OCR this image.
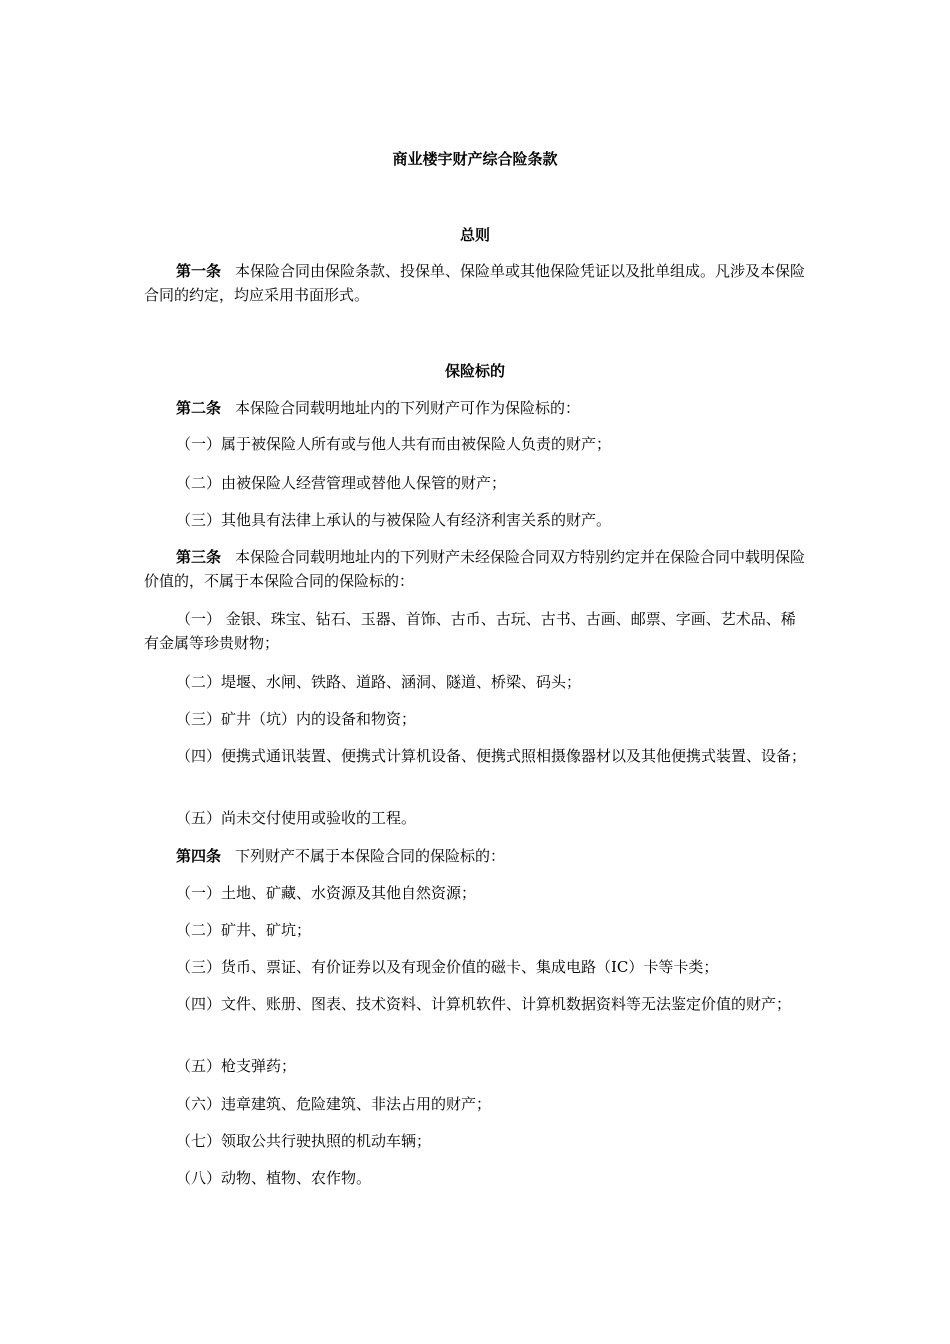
商业楼宇财产综合险条款
总则
第一条 本保险合同由保险条款、投保单、保险单或其他保险凭证以及批单组成。凡涉及本保险合同的约定，均应采用书面形式。
保险标的
第二条 本保险合同载明地址内的下列财产可作为保险标的：
（一）属于被保险人所有或与他人共有而由被保险人负责的财产；
（二）由被保险人经营管理或替他人保管的财产；
（三）其他具有法律上承认的与被保险人有经济利害关系的财产。
第三条 本保险合同载明地址内的下列财产未经保险合同双方特别约定并在保险合同中载明保险价值的，不属于本保险合同的保险标的：
（一） 金银、珠宝、钻石、玉器、首饰、古币、古玩、古书、古画、邮票、字画、艺术品、稀有金属等珍贵财物；
（二）堤堰、水闸、铁路、道路、涵洞、隧道、桥梁、码头；
（三）矿井（坑）内的设备和物资；
（四）便携式通讯装置、便携式计算机设备、便携式照相摄像器材以及其他便携式装置、设备；
（五）尚未交付使用或验收的工程。
第四条 下列财产不属于本保险合同的保险标的：
（一）土地、矿藏、水资源及其他自然资源；
（二）矿井、矿坑；
（三）货币、票证、有价证券以及有现金价值的磁卡、集成电路（IC）卡等卡类；
（四）文件、账册、图表、技术资料、计算机软件、计算机数据资料等无法鉴定价值的财产；
（五）枪支弹药；
（六）违章建筑、危险建筑、非法占用的财产；
（七）领取公共行驶执照的机动车辆；
（八）动物、植物、农作物。
